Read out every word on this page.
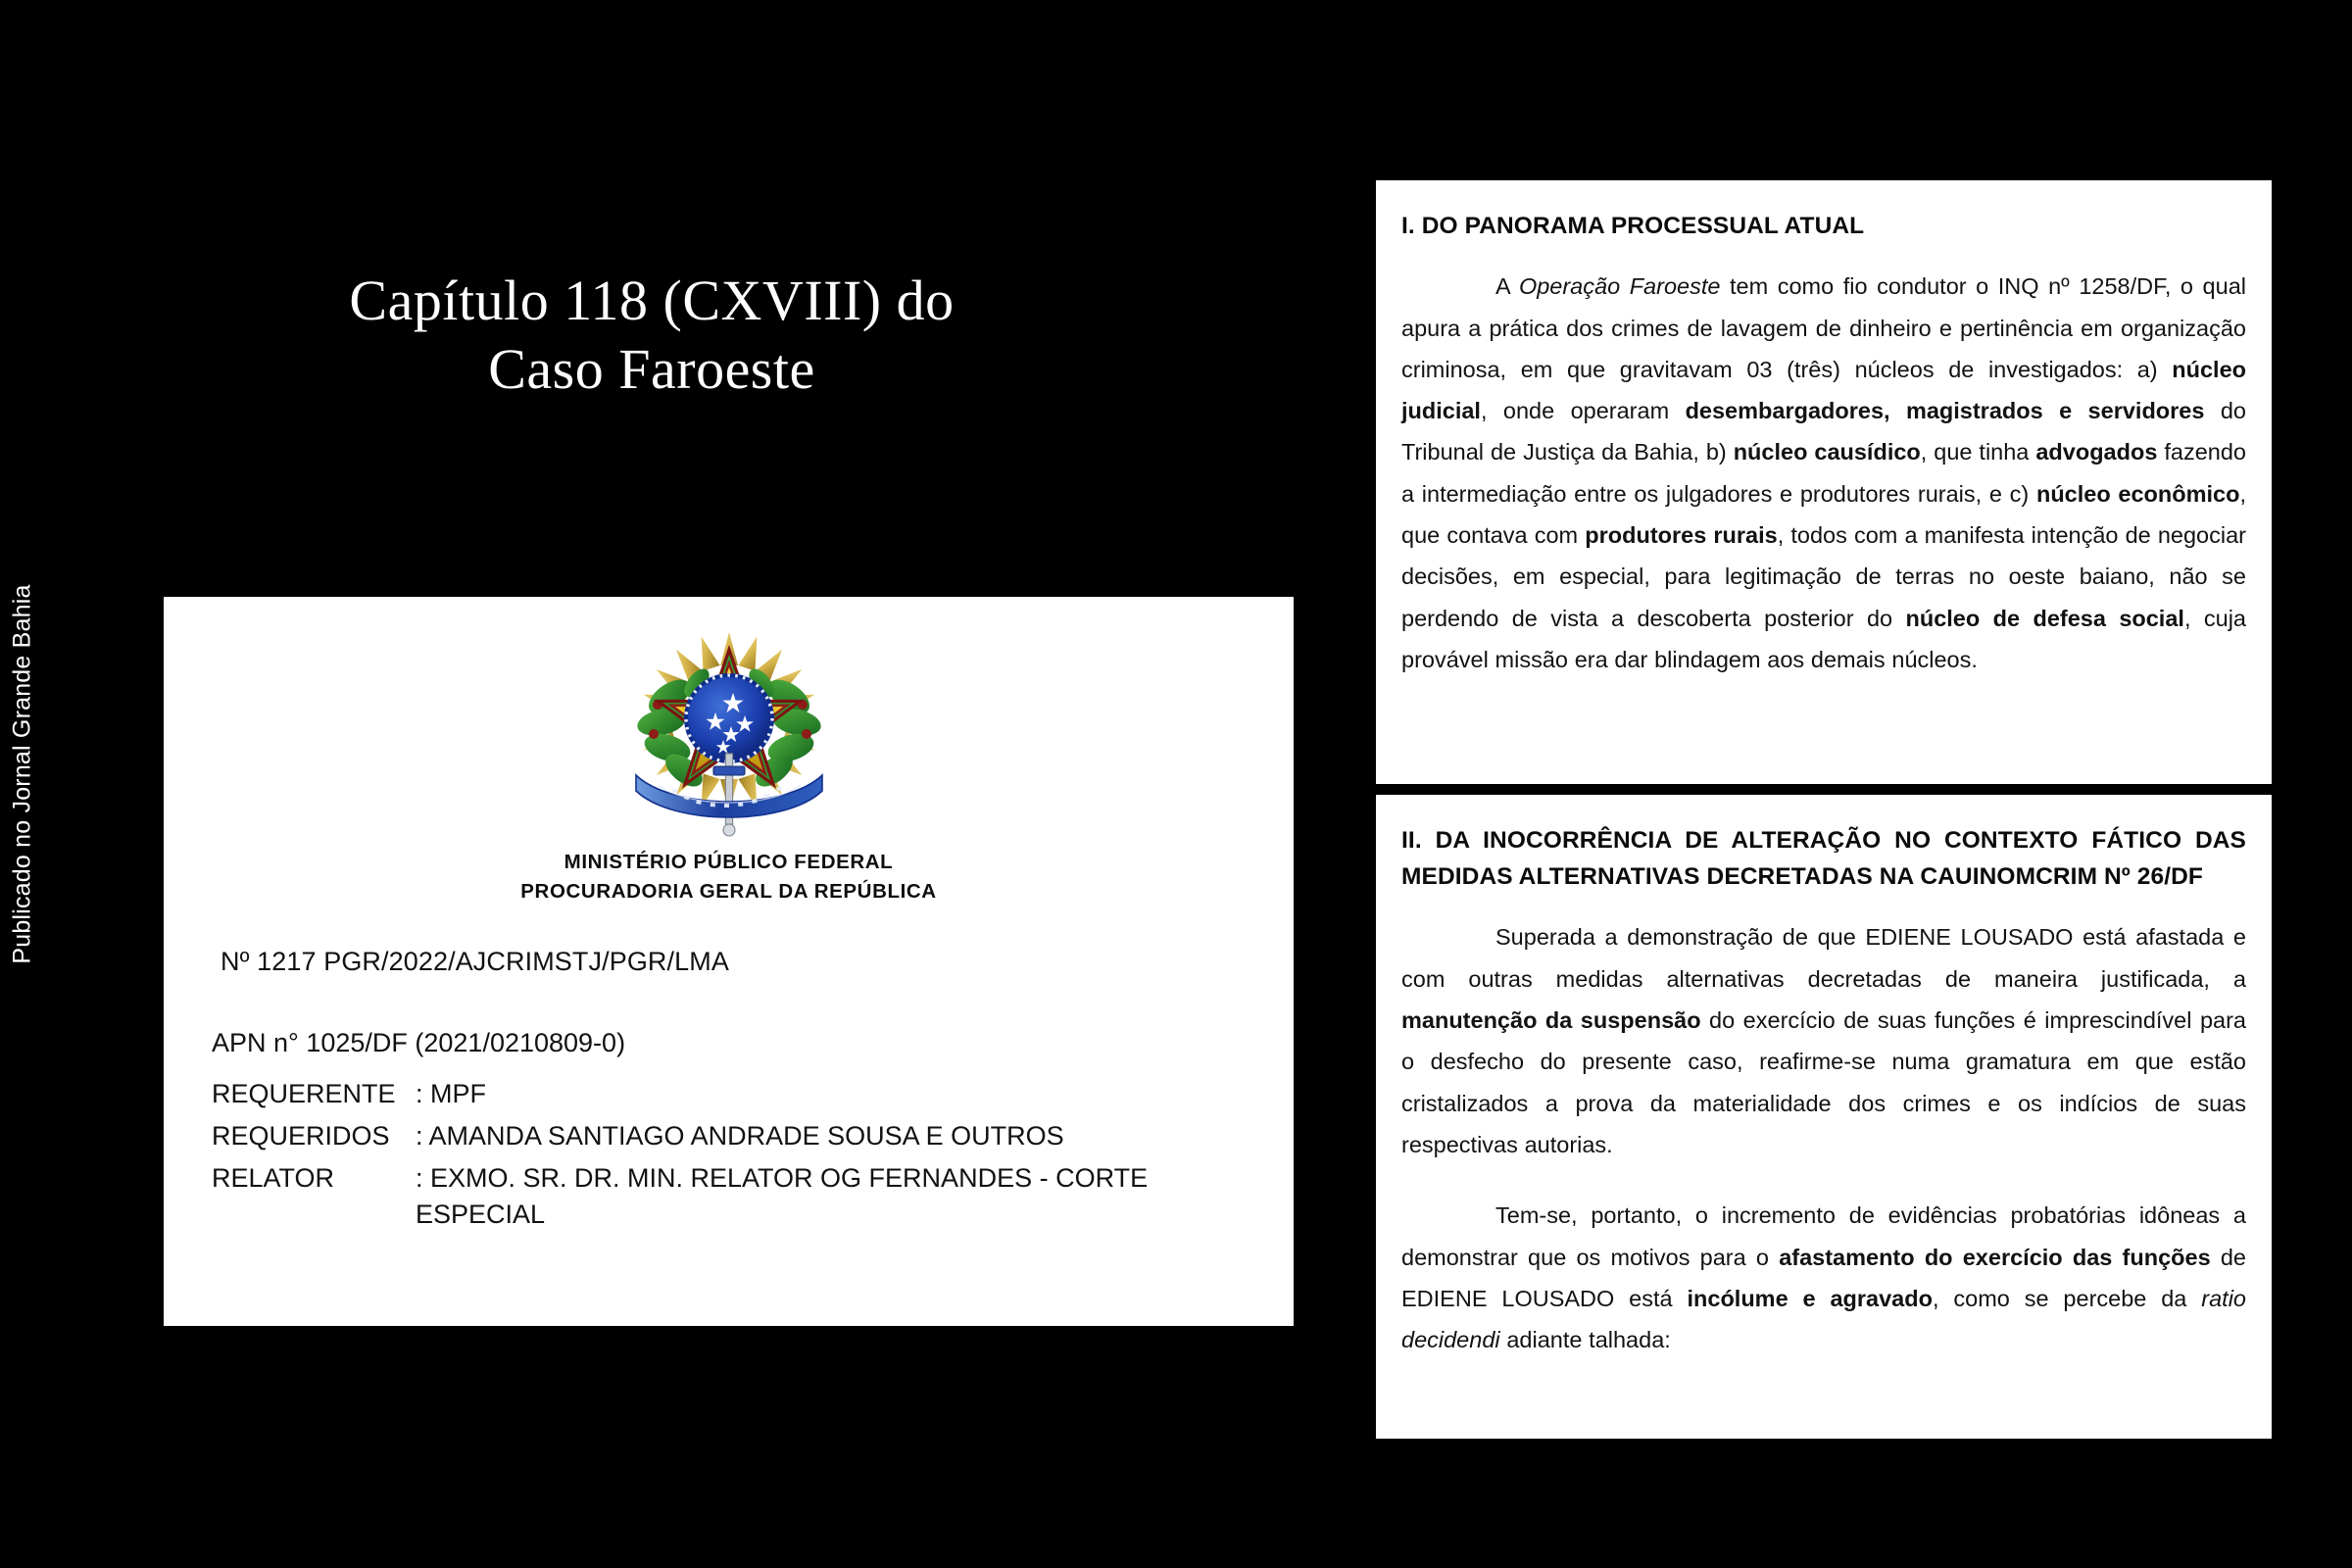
Publicado no Jornal Grande Bahia
Capítulo 118 (CXVIII) do
Caso Faroeste
MINISTÉRIO PÚBLICO FEDERAL
PROCURADORIA GERAL DA REPÚBLICA
Nº 1217 PGR/2022/AJCRIMSTJ/PGR/LMA
APN n° 1025/DF (2021/0210809-0)
REQUERENTE	: MPF
REQUERIDOS	: AMANDA SANTIAGO ANDRADE SOUSA E OUTROS
RELATOR	: EXMO. SR. DR. MIN. RELATOR OG FERNANDES - CORTE ESPECIAL
I. DO PANORAMA PROCESSUAL ATUAL

A Operação Faroeste tem como fio condutor o INQ nº 1258/DF, o qual apura a prática dos crimes de lavagem de dinheiro e pertinência em organização criminosa, em que gravitavam 03 (três) núcleos de investigados: a) núcleo judicial, onde operaram desembargadores, magistrados e servidores do Tribunal de Justiça da Bahia, b) núcleo causídico, que tinha advogados fazendo a intermediação entre os julgadores e produtores rurais, e c) núcleo econômico, que contava com produtores rurais, todos com a manifesta intenção de negociar decisões, em especial, para legitimação de terras no oeste baiano, não se perdendo de vista a descoberta posterior do núcleo de defesa social, cuja provável missão era dar blindagem aos demais núcleos.

II. DA INOCORRÊNCIA DE ALTERAÇÃO NO CONTEXTO FÁTICO DAS MEDIDAS ALTERNATIVAS DECRETADAS NA CAUINOMCRIM Nº 26/DF

Superada a demonstração de que EDIENE LOUSADO está afastada e com outras medidas alternativas decretadas de maneira justificada, a manutenção da suspensão do exercício de suas funções é imprescindível para o desfecho do presente caso, reafirme-se numa gramatura em que estão cristalizados a prova da materialidade dos crimes e os indícios de suas respectivas autorias.

Tem-se, portanto, o incremento de evidências probatórias idôneas a demonstrar que os motivos para o afastamento do exercício das funções de EDIENE LOUSADO está incólume e agravado, como se percebe da ratio decidendi adiante talhada:
